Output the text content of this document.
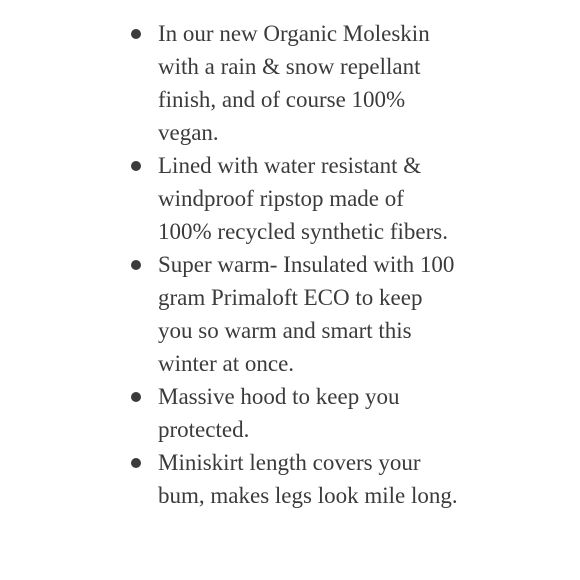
In our new Organic Moleskin with a rain & snow repellant finish, and of course 100% vegan.
Lined with water resistant & windproof ripstop made of 100% recycled synthetic fibers.
Super warm- Insulated with 100 gram Primaloft ECO to keep you so warm and smart this winter at once.
Massive hood to keep you protected.
Miniskirt length covers your bum, makes legs look mile long.
